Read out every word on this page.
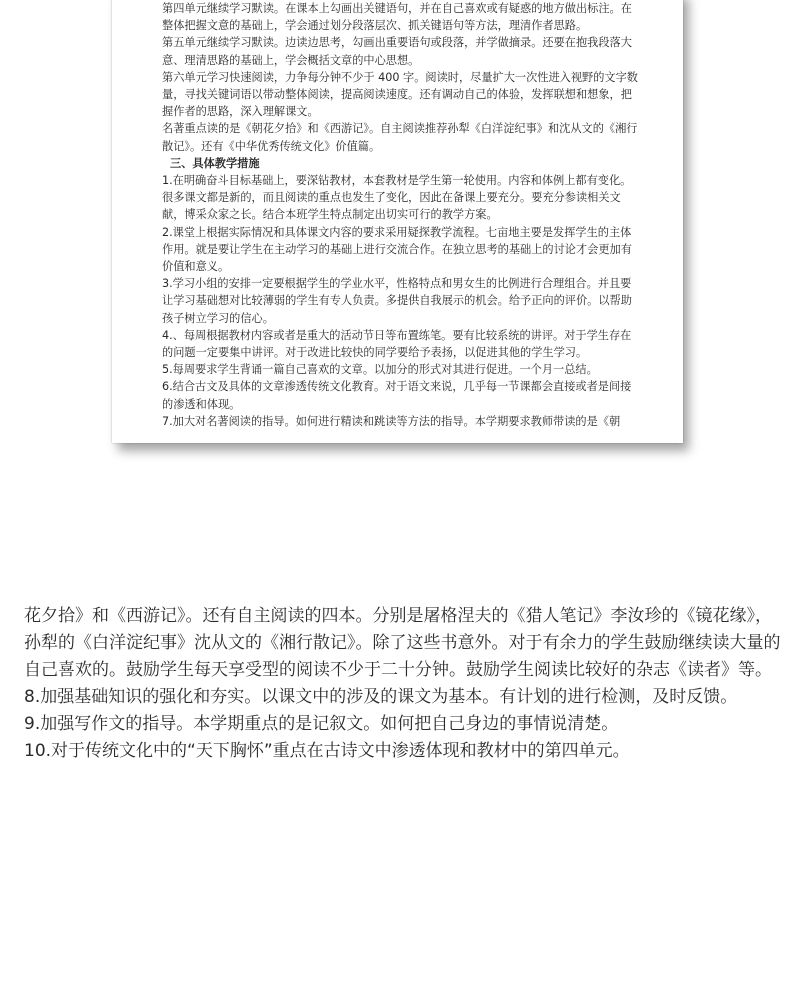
第四单元继续学习默读。在课本上勾画出关键语句，并在自己喜欢或有疑惑的地方做出标注。在整体把握文意的基础上，学会通过划分段落层次、抓关键语句等方法，理清作者思路。

第五单元继续学习默读。边读边思考，勾画出重要语句或段落，并学做摘录。还要在抱我段落大意、理清思路的基础上，学会概括文章的中心思想。

第六单元学习快速阅读，力争每分钟不少于 400 字。阅读时，尽量扩大一次性进入视野的文字数量，寻找关键词语以带动整体阅读，提高阅读速度。还有调动自己的体验，发挥联想和想象，把握作者的思路，深入理解课文。

名著重点读的是《朝花夕拾》和《西游记》。自主阅读推荐孙犁《白洋淀纪事》和沈从文的《湘行散记》。还有《中华优秀传统文化》价值篇。

三、具体教学措施

1.在明确奋斗目标基础上，要深钻教材，本套教材是学生第一轮使用。内容和体例上都有变化。很多课文都是新的，而且阅读的重点也发生了变化，因此在备课上要充分。要充分参读相关文献，博采众家之长。结合本班学生特点制定出切实可行的教学方案。

2.课堂上根据实际情况和具体课文内容的要求采用疑探教学流程。七亩地主要是发挥学生的主体作用。就是要让学生在主动学习的基础上进行交流合作。在独立思考的基础上的讨论才会更加有价值和意义。

3.学习小组的安排一定要根据学生的学业水平，性格特点和男女生的比例进行合理组合。并且要让学习基础想对比较薄弱的学生有专人负责。多提供自我展示的机会。给予正向的评价。以帮助孩子树立学习的信心。

4.、每周根据教材内容或者是重大的活动节日等布置练笔。要有比较系统的讲评。对于学生存在的问题一定要集中讲评。对于改进比较快的同学要给予表扬，以促进其他的学生学习。

5.每周要求学生背诵一篇自己喜欢的文章。以加分的形式对其进行促进。一个月一总结。

6.结合古文及具体的文章渗透传统文化教育。对于语文来说，几乎每一节课都会直接或者是间接的渗透和体现。

7.加大对名著阅读的指导。如何进行精读和跳读等方法的指导。本学期要求教师带读的是《朝

花夕拾》和《西游记》。还有自主阅读的四本。分别是屠格涅夫的《猎人笔记》李汝珍的《镜花缘》，孙犁的《白洋淀纪事》沈从文的《湘行散记》。除了这些书意外。对于有余力的学生鼓励继续读大量的自己喜欢的。鼓励学生每天享受型的阅读不少于二十分钟。鼓励学生阅读比较好的杂志《读者》等。

8.加强基础知识的强化和夯实。以课文中的涉及的课文为基本。有计划的进行检测，及时反馈。

9.加强写作文的指导。本学期重点的是记叙文。如何把自己身边的事情说清楚。

10.对于传统文化中的“天下胸怀”重点在古诗文中渗透体现和教材中的第四单元。
